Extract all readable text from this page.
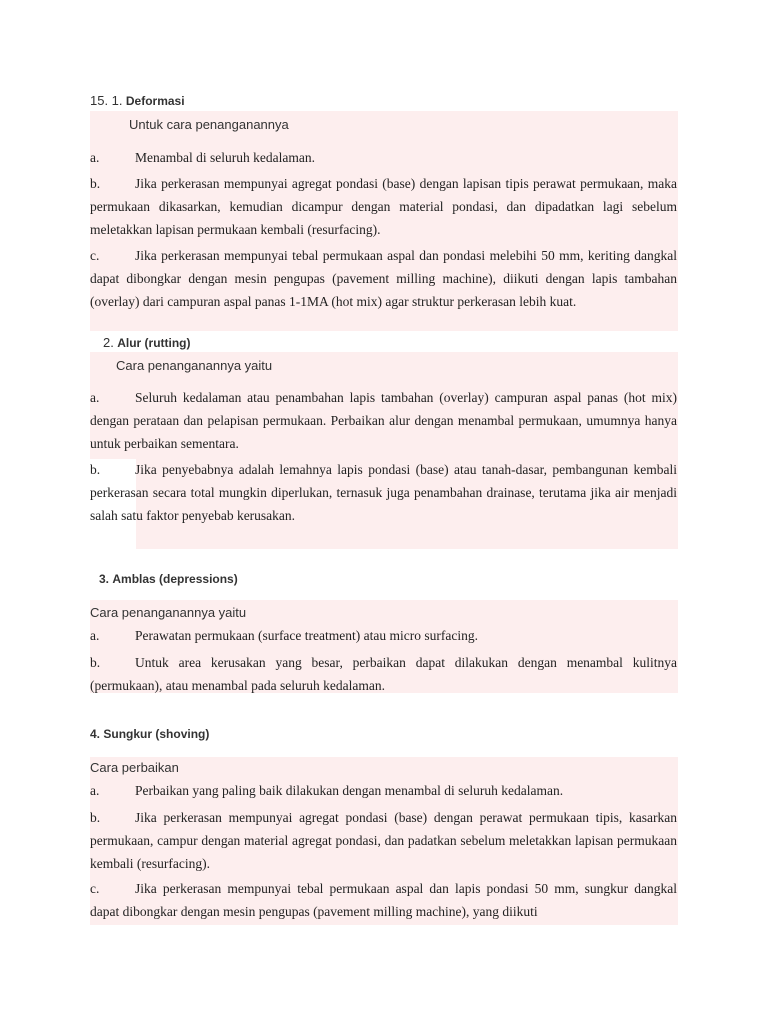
15. 1. Deformasi
Untuk cara penanganannya
a.	Menambal di seluruh kedalaman.
b.	Jika perkerasan mempunyai agregat pondasi (base) dengan lapisan tipis perawat permukaan, maka permukaan dikasarkan, kemudian dicampur dengan material pondasi, dan dipadatkan lagi sebelum meletakkan lapisan permukaan kembali (resurfacing).
c.	Jika perkerasan mempunyai tebal permukaan aspal dan pondasi melebihi 50 mm, keriting dangkal dapat dibongkar dengan mesin pengupas (pavement milling machine), diikuti dengan lapis tambahan (overlay) dari campuran aspal panas 1-1MA (hot mix) agar struktur perkerasan lebih kuat.
2. Alur (rutting)
Cara penanganannya yaitu
a.	Seluruh kedalaman atau penambahan lapis tambahan (overlay) campuran aspal panas (hot mix) dengan perataan dan pelapisan permukaan. Perbaikan alur dengan menambal permukaan, umumnya hanya untuk perbaikan sementara.
b.	Jika penyebabnya adalah lemahnya lapis pondasi (base) atau tanah-dasar, pembangunan kembali perkerasan secara total mungkin diperlukan, ternasuk juga penambahan drainase, terutama jika air menjadi salah satu faktor penyebab kerusakan.
3. Amblas (depressions)
Cara penanganannya yaitu
a.	Perawatan permukaan (surface treatment) atau micro surfacing.
b.	Untuk area kerusakan yang besar, perbaikan dapat dilakukan dengan menambal kulitnya (permukaan), atau menambal pada seluruh kedalaman.
4. Sungkur (shoving)
Cara perbaikan
a.	Perbaikan yang paling baik dilakukan dengan menambal di seluruh kedalaman.
b.	Jika perkerasan mempunyai agregat pondasi (base) dengan perawat permukaan tipis, kasarkan permukaan, campur dengan material agregat pondasi, dan padatkan sebelum meletakkan lapisan permukaan kembali (resurfacing).
c.	Jika perkerasan mempunyai tebal permukaan aspal dan lapis pondasi 50 mm, sungkur dangkal dapat dibongkar dengan mesin pengupas (pavement milling machine), yang diikuti
